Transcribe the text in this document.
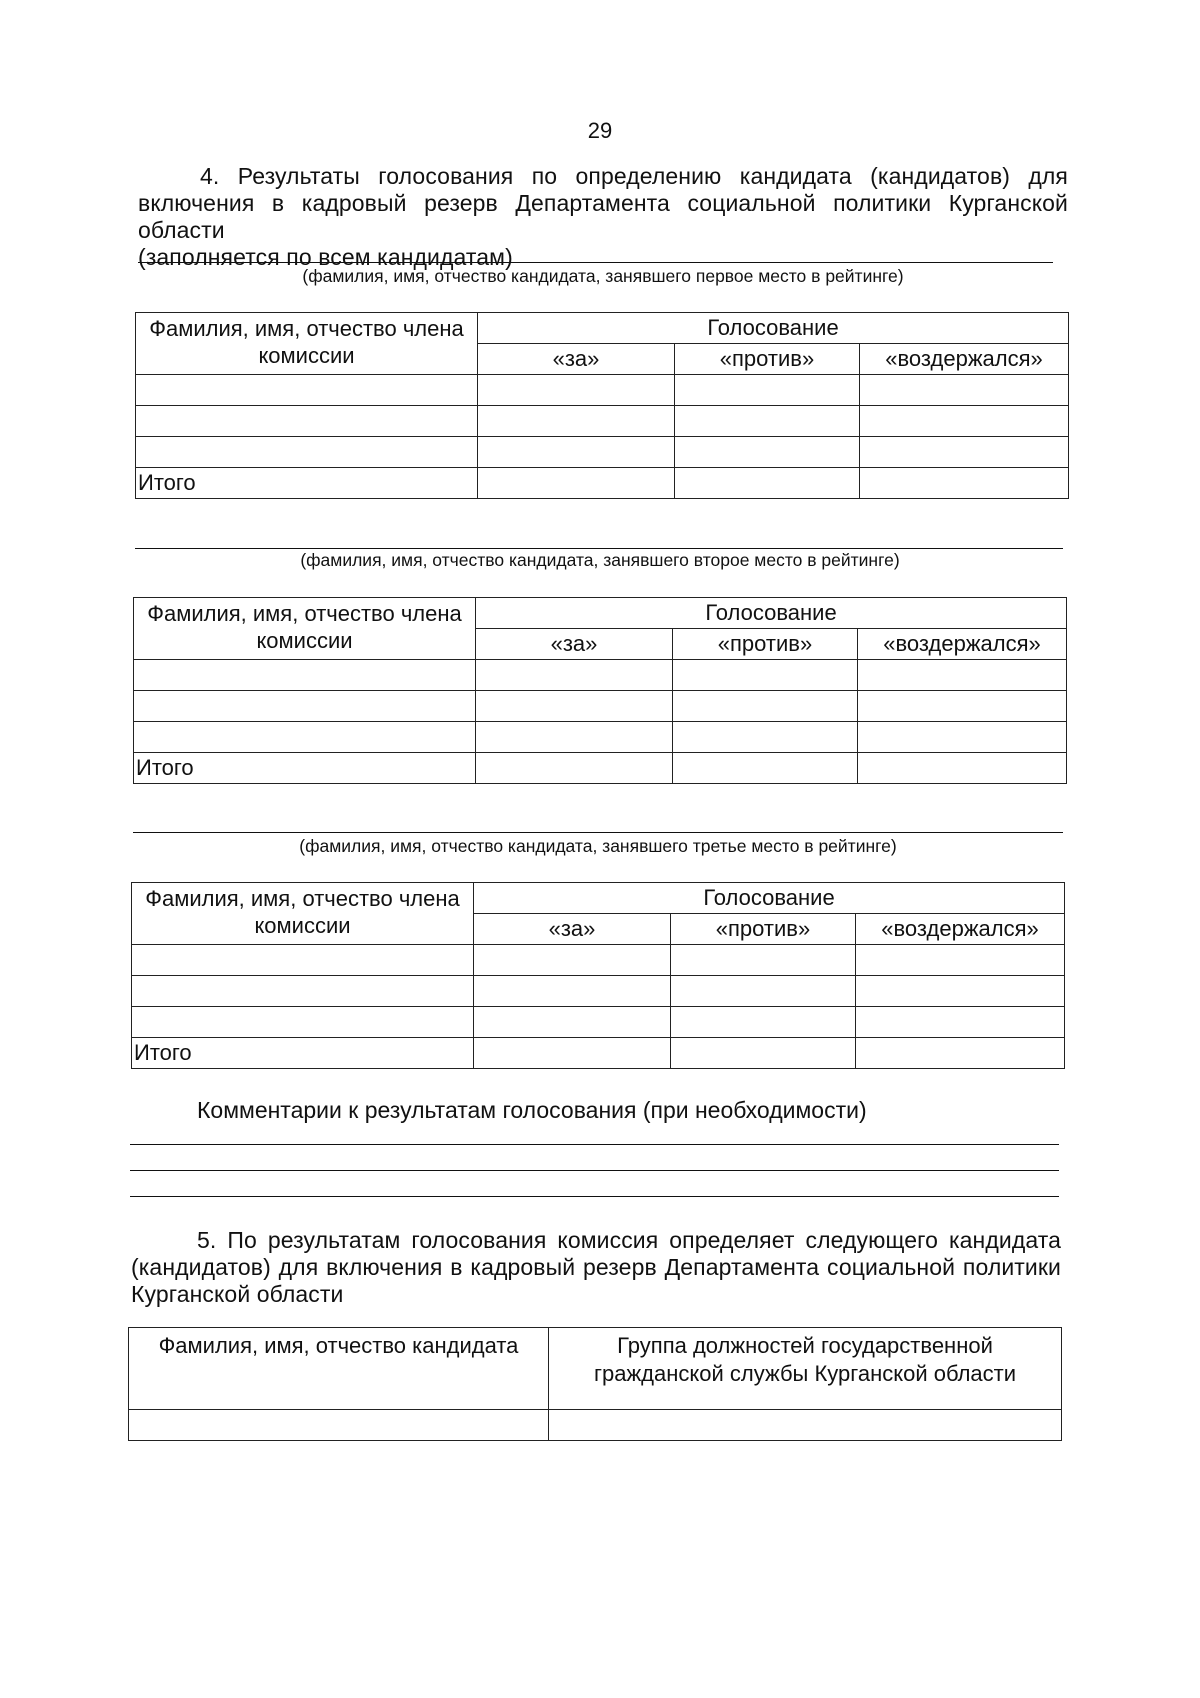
29
4. Результаты голосования по определению кандидата (кандидатов) для
включения в кадровый резерв Департамента социальной политики Курганской области
(заполняется по всем кандидатам)
(фамилия, имя, отчество кандидата, занявшего первое место в рейтинге)
Фамилия, имя, отчество члена комиссии	Голосование		
	«за»	«против»	«воздержался»

Итого			
(фамилия, имя, отчество кандидата, занявшего второе место в рейтинге)
Фамилия, имя, отчество члена комиссии	Голосование		
	«за»	«против»	«воздержался»

Итого			
(фамилия, имя, отчество кандидата, занявшего третье место в рейтинге)
Фамилия, имя, отчество члена комиссии	Голосование		
	«за»	«против»	«воздержался»

Итого			
Комментарии к результатам голосования (при необходимости)
5. По результатам голосования комиссия определяет следующего кандидата
(кандидатов) для включения в кадровый резерв Департамента социальной политики
Курганской области
Фамилия, имя, отчество кандидата	Группа должностей государственной гражданской службы Курганской области
